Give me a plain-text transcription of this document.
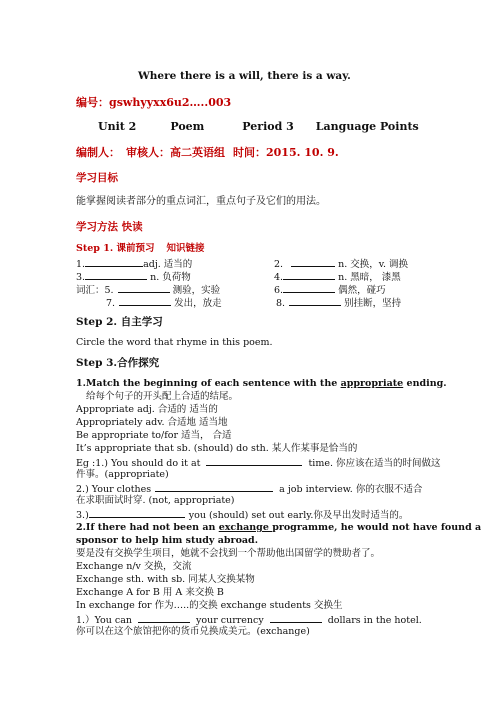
Where there is a will, there is a way.
编号：gswhyyxx6u2…..003
Unit 2	Poem	Period 3 Language Points
编制人： 审核人：高二英语组 时间：2015. 10. 9.
学习目标
能掌握阅读者部分的重点词汇，重点句子及它们的用法。
学习方法 快读
Step 1. 课前预习 知识链接
1.	adj. 适当的	2.	n. 交换，v. 调换
3.	n. 负荷物	4.	n. 黑暗， 漆黑
词汇：5.	测验，实验	6.	偶然，碰巧
7.	发出，放走	8.	别挂断，坚持
Step 2. 自主学习
Circle the word that rhyme in this poem.
Step 3.合作探究
1.Match the beginning of each sentence with the appropriate ending.
给每个句子的开头配上合适的结尾。
Appropriate adj. 合适的 适当的
Appropriately adv. 合适地 适当地
Be appropriate to/for 适当， 合适
It’s appropriate that sb. (should) do sth. 某人作某事是恰当的
Eg :1.) You should do it at	time. 你应该在适当的时间做这
件事。(appropriate)
2.) Your clothes	a job interview. 你的衣服不适合
在求职面试时穿. (not, appropriate)
3.)	you (should) set out early.你及早出发时适当的。
2.If there had not been an exchange programme, he would not have found a
sponsor to help him study abroad.
要是没有交换学生项目，她就不会找到一个帮助他出国留学的赞助者了。
Exchange n/v 交换，交流
Exchange sth. with sb. 同某人交换某物
Exchange A for B 用 A 来交换 B
In exchange for 作为…..的交换 exchange students 交换生
1.）You can	your currency	dollars in the hotel.
你可以在这个旅馆把你的货币兑换成美元。(exchange)
